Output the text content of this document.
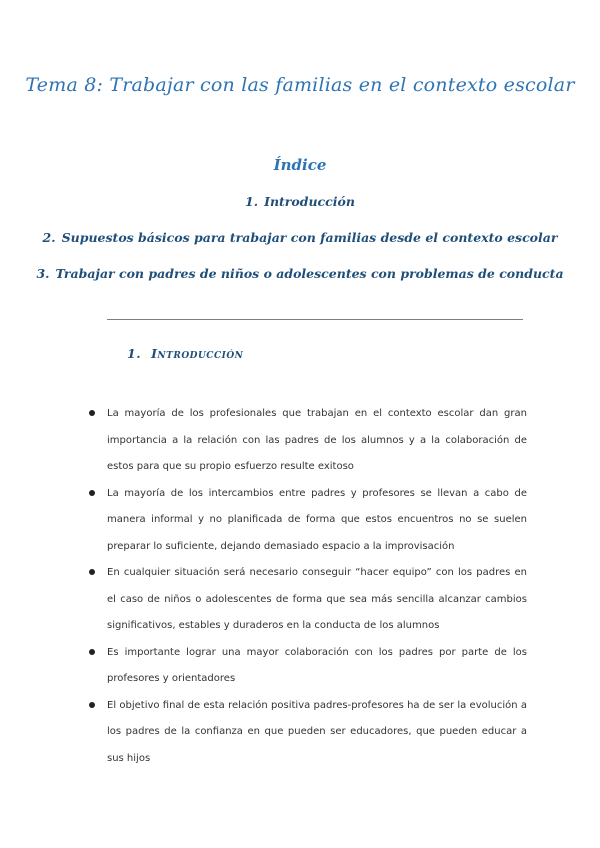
Tema 8: Trabajar con las familias en el contexto escolar
Índice
1. Introducción
2. Supuestos básicos para trabajar con familias desde el contexto escolar
3. Trabajar con padres de niños o adolescentes con problemas de conducta
1. Introducción
La mayoría de los profesionales que trabajan en el contexto escolar dan gran importancia a la relación con las padres de los alumnos y a la colaboración de estos para que su propio esfuerzo resulte exitoso
La mayoría de los intercambios entre padres y profesores se llevan a cabo de manera informal y no planificada de forma que estos encuentros no se suelen preparar lo suficiente, dejando demasiado espacio a la improvisación
En cualquier situación será necesario conseguir “hacer equipo” con los padres en el caso de niños o adolescentes de forma que sea más sencilla alcanzar cambios significativos, estables y duraderos en la conducta de los alumnos
Es importante lograr una mayor colaboración con los padres por parte de los profesores y orientadores
El objetivo final de esta relación positiva padres-profesores ha de ser la evolución a los padres de la confianza en que pueden ser educadores, que pueden educar a sus hijos
